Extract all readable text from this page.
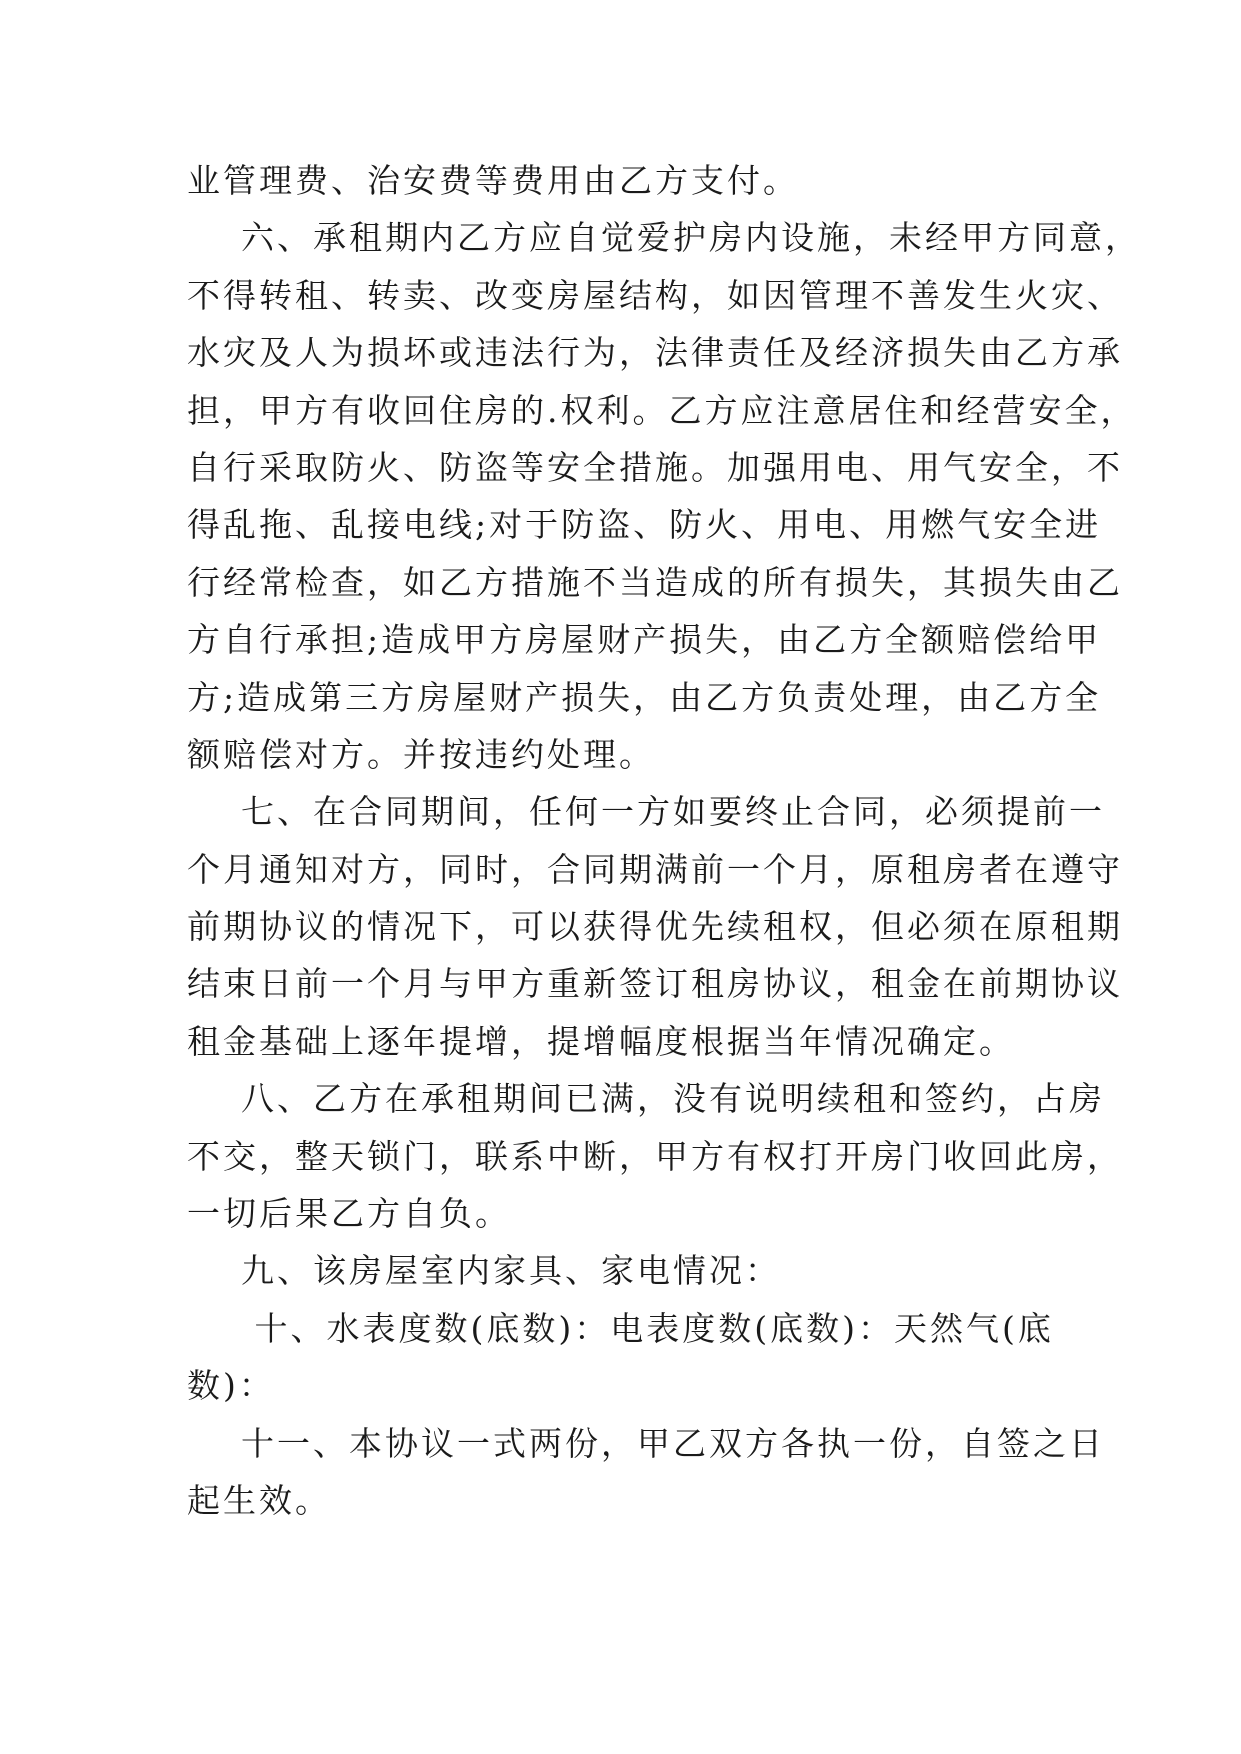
业管理费、治安费等费用由乙方支付。
六、承租期内乙方应自觉爱护房内设施，未经甲方同意，
不得转租、转卖、改变房屋结构，如因管理不善发生火灾、
水灾及人为损坏或违法行为，法律责任及经济损失由乙方承
担，甲方有收回住房的.权利。乙方应注意居住和经营安全，
自行采取防火、防盗等安全措施。加强用电、用气安全，不
得乱拖、乱接电线;对于防盗、防火、用电、用燃气安全进
行经常检查，如乙方措施不当造成的所有损失，其损失由乙
方自行承担;造成甲方房屋财产损失，由乙方全额赔偿给甲
方;造成第三方房屋财产损失，由乙方负责处理，由乙方全
额赔偿对方。并按违约处理。
七、在合同期间，任何一方如要终止合同，必须提前一
个月通知对方，同时，合同期满前一个月，原租房者在遵守
前期协议的情况下，可以获得优先续租权，但必须在原租期
结束日前一个月与甲方重新签订租房协议，租金在前期协议
租金基础上逐年提增，提增幅度根据当年情况确定。
八、乙方在承租期间已满，没有说明续租和签约，占房
不交，整天锁门，联系中断，甲方有权打开房门收回此房，
一切后果乙方自负。
九、该房屋室内家具、家电情况：
十、水表度数(底数)：电表度数(底数)：天然气(底
数)：
十一、本协议一式两份，甲乙双方各执一份，自签之日
起生效。
